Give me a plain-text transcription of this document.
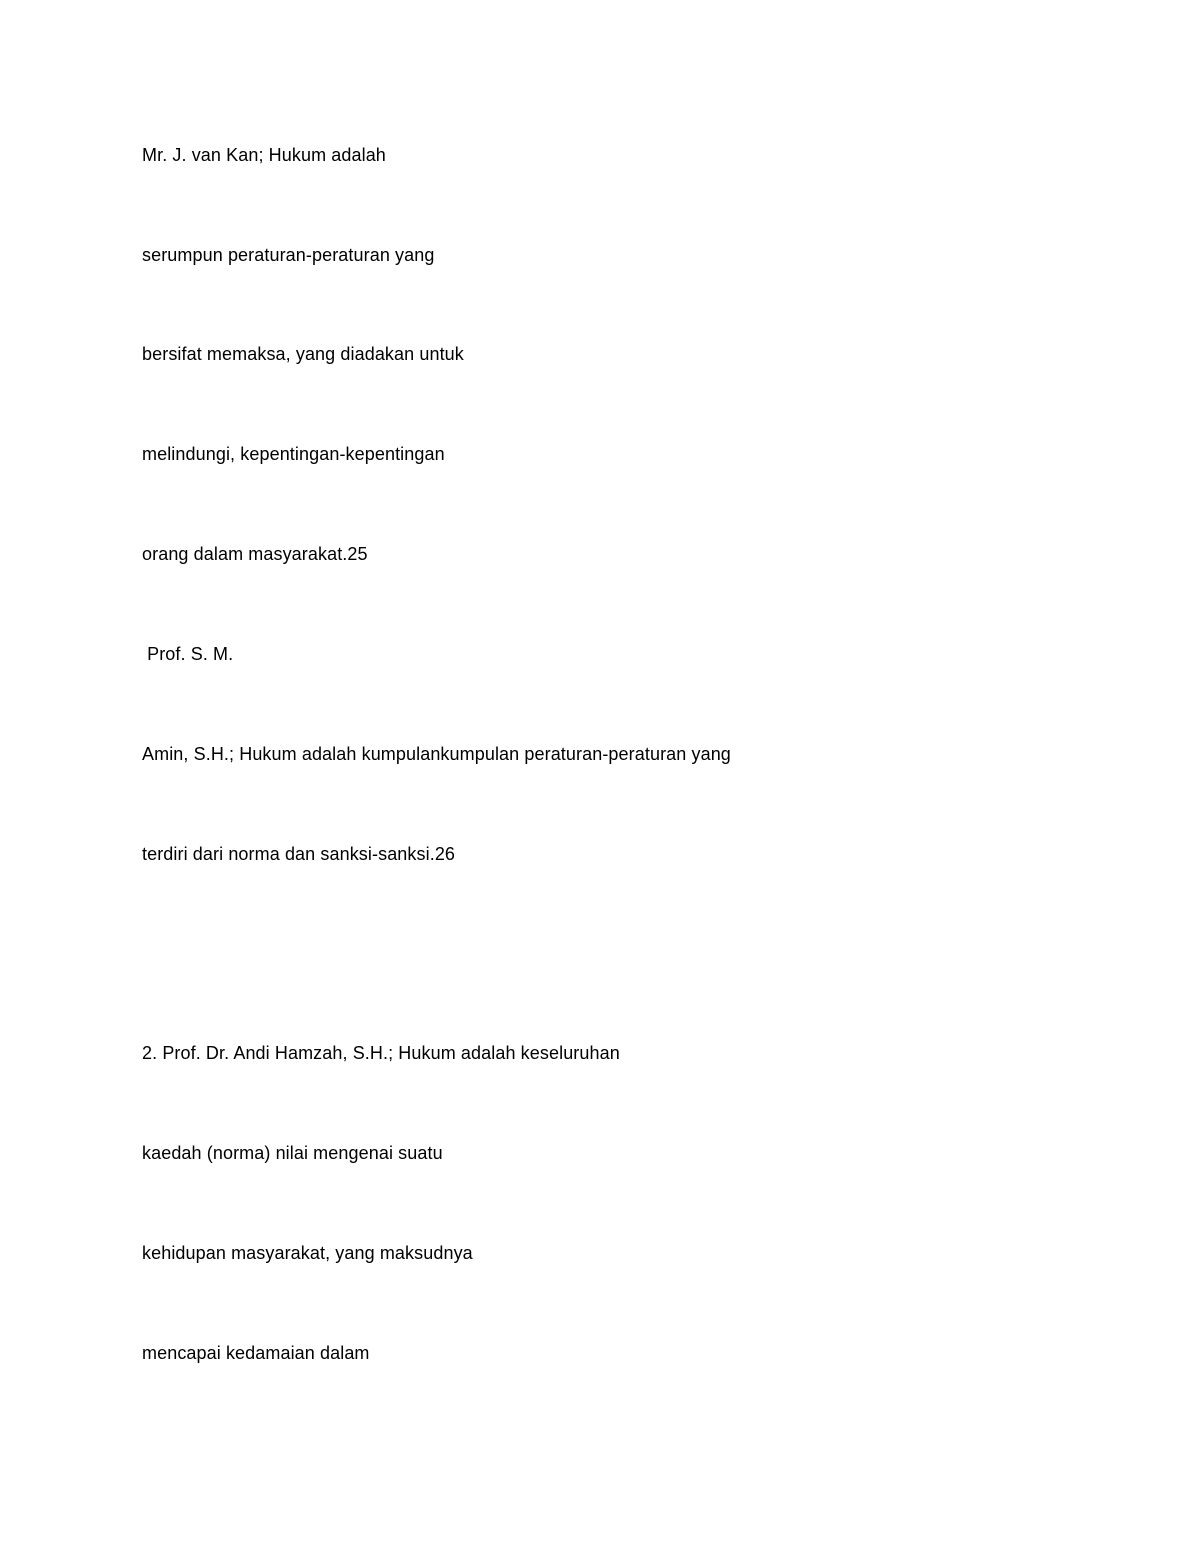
Mr. J. van Kan; Hukum adalah

serumpun peraturan-peraturan yang

bersifat memaksa, yang diadakan untuk

melindungi, kepentingan-kepentingan

orang dalam masyarakat.25

Prof. S. M.

Amin, S.H.; Hukum adalah kumpulankumpulan peraturan-peraturan yang

terdiri dari norma dan sanksi-sanksi.26

2. Prof. Dr. Andi Hamzah, S.H.; Hukum adalah keseluruhan

kaedah (norma) nilai mengenai suatu

kehidupan masyarakat, yang maksudnya

mencapai kedamaian dalam
